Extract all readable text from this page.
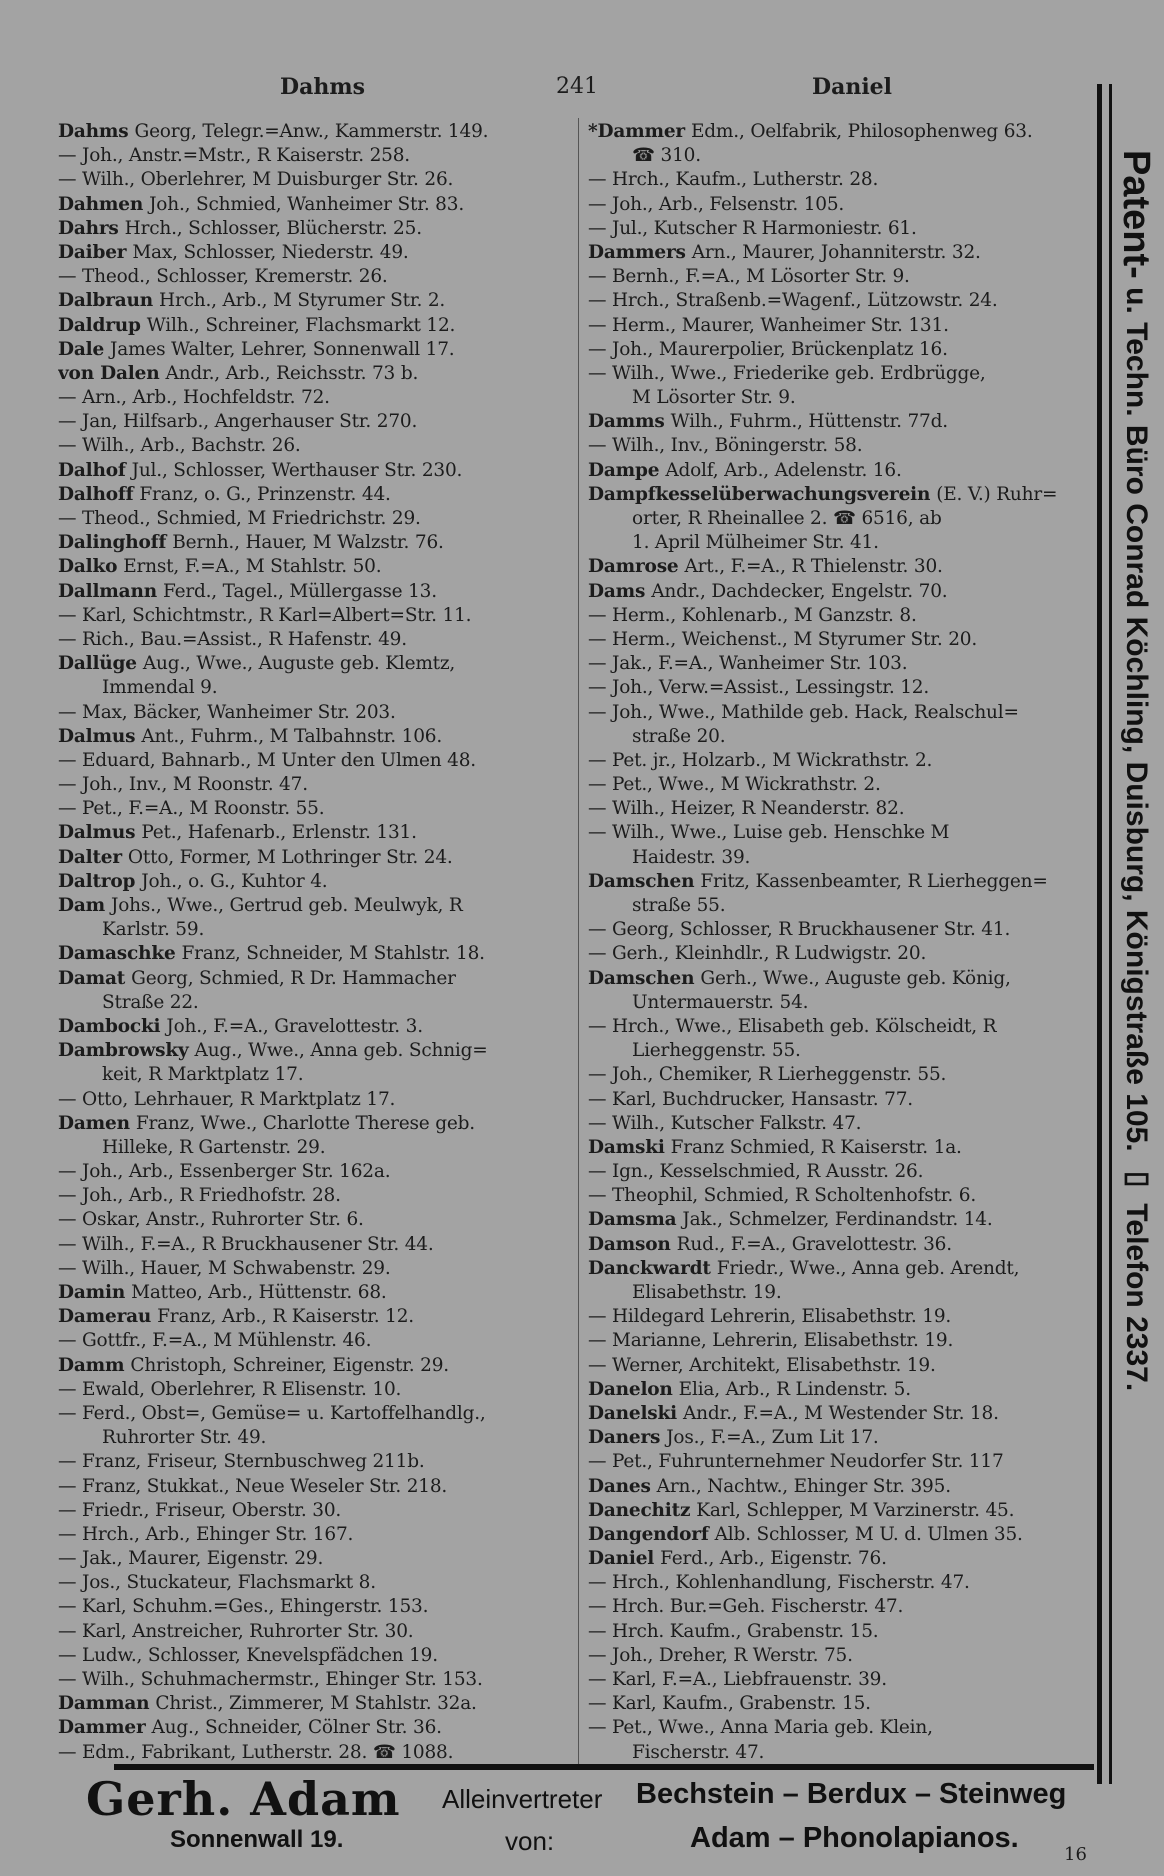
Dahms	241	Daniel
Dahms Georg, Telegr.=Anw., Kammerstr. 149.
— Joh., Anstr.=Mstr., R Kaiserstr. 258.
— Wilh., Oberlehrer, M Duisburger Str. 26.
Dahmen Joh., Schmied, Wanheimer Str. 83.
Dahrs Hrch., Schlosser, Blücherstr. 25.
Daiber Max, Schlosser, Niederstr. 49.
— Theod., Schlosser, Kremerstr. 26.
Dalbraun Hrch., Arb., M Styrumer Str. 2.
Daldrup Wilh., Schreiner, Flachsmarkt 12.
Dale James Walter, Lehrer, Sonnenwall 17.
von Dalen Andr., Arb., Reichsstr. 73 b.
— Arn., Arb., Hochfeldstr. 72.
— Jan, Hilfsarb., Angerhauser Str. 270.
— Wilh., Arb., Bachstr. 26.
Dalhof Jul., Schlosser, Werthauser Str. 230.
Dalhoff Franz, o. G., Prinzenstr. 44.
— Theod., Schmied, M Friedrichstr. 29.
Dalinghoff Bernh., Hauer, M Walzstr. 76.
Dalko Ernst, F.=A., M Stahlstr. 50.
Dallmann Ferd., Tagel., Müllergasse 13.
— Karl, Schichtmstr., R Karl=Albert=Str. 11.
— Rich., Bau.=Assist., R Hafenstr. 49.
Dallüge Aug., Wwe., Auguste geb. Klemtz,
Immendal 9.
— Max, Bäcker, Wanheimer Str. 203.
Dalmus Ant., Fuhrm., M Talbahnstr. 106.
— Eduard, Bahnarb., M Unter den Ulmen 48.
— Joh., Inv., M Roonstr. 47.
— Pet., F.=A., M Roonstr. 55.
Dalmus Pet., Hafenarb., Erlenstr. 131.
Dalter Otto, Former, M Lothringer Str. 24.
Daltrop Joh., o. G., Kuhtor 4.
Dam Johs., Wwe., Gertrud geb. Meulwyk, R
Karlstr. 59.
Damaschke Franz, Schneider, M Stahlstr. 18.
Damat Georg, Schmied, R Dr. Hammacher
Straße 22.
Dambocki Joh., F.=A., Gravelottestr. 3.
Dambrowsky Aug., Wwe., Anna geb. Schnig=
keit, R Marktplatz 17.
— Otto, Lehrhauer, R Marktplatz 17.
Damen Franz, Wwe., Charlotte Therese geb.
Hilleke, R Gartenstr. 29.
— Joh., Arb., Essenberger Str. 162a.
— Joh., Arb., R Friedhofstr. 28.
— Oskar, Anstr., Ruhrorter Str. 6.
— Wilh., F.=A., R Bruckhausener Str. 44.
— Wilh., Hauer, M Schwabenstr. 29.
Damin Matteo, Arb., Hüttenstr. 68.
Damerau Franz, Arb., R Kaiserstr. 12.
— Gottfr., F.=A., M Mühlenstr. 46.
Damm Christoph, Schreiner, Eigenstr. 29.
— Ewald, Oberlehrer, R Elisenstr. 10.
— Ferd., Obst=, Gemüse= u. Kartoffelhandlg.,
Ruhrorter Str. 49.
— Franz, Friseur, Sternbuschweg 211b.
— Franz, Stukkat., Neue Weseler Str. 218.
— Friedr., Friseur, Oberstr. 30.
— Hrch., Arb., Ehinger Str. 167.
— Jak., Maurer, Eigenstr. 29.
— Jos., Stuckateur, Flachsmarkt 8.
— Karl, Schuhm.=Ges., Ehingerstr. 153.
— Karl, Anstreicher, Ruhrorter Str. 30.
— Ludw., Schlosser, Knevelspfädchen 19.
— Wilh., Schuhmachermstr., Ehinger Str. 153.
Damman Christ., Zimmerer, M Stahlstr. 32a.
Dammer Aug., Schneider, Cölner Str. 36.
— Edm., Fabrikant, Lutherstr. 28. ☎ 1088.
*Dammer Edm., Oelfabrik, Philosophenweg 63.
☎ 310.
— Hrch., Kaufm., Lutherstr. 28.
— Joh., Arb., Felsenstr. 105.
— Jul., Kutscher R Harmoniestr. 61.
Dammers Arn., Maurer, Johanniterstr. 32.
— Bernh., F.=A., M Lösorter Str. 9.
— Hrch., Straßenb.=Wagenf., Lützowstr. 24.
— Herm., Maurer, Wanheimer Str. 131.
— Joh., Maurerpolier, Brückenplatz 16.
— Wilh., Wwe., Friederike geb. Erdbrügge,
M Lösorter Str. 9.
Damms Wilh., Fuhrm., Hüttenstr. 77d.
— Wilh., Inv., Böningerstr. 58.
Dampe Adolf, Arb., Adelenstr. 16.
Dampfkesselüberwachungsverein (E. V.) Ruhr=
orter, R Rheinallee 2. ☎ 6516, ab
1. April Mülheimer Str. 41.
Damrose Art., F.=A., R Thielenstr. 30.
Dams Andr., Dachdecker, Engelstr. 70.
— Herm., Kohlenarb., M Ganzstr. 8.
— Herm., Weichenst., M Styrumer Str. 20.
— Jak., F.=A., Wanheimer Str. 103.
— Joh., Verw.=Assist., Lessingstr. 12.
— Joh., Wwe., Mathilde geb. Hack, Realschul=
straße 20.
— Pet. jr., Holzarb., M Wickrathstr. 2.
— Pet., Wwe., M Wickrathstr. 2.
— Wilh., Heizer, R Neanderstr. 82.
— Wilh., Wwe., Luise geb. Henschke M
Haidestr. 39.
Damschen Fritz, Kassenbeamter, R Lierheggen=
straße 55.
— Georg, Schlosser, R Bruckhausener Str. 41.
— Gerh., Kleinhdlr., R Ludwigstr. 20.
Damschen Gerh., Wwe., Auguste geb. König,
Untermauerstr. 54.
— Hrch., Wwe., Elisabeth geb. Kölscheidt, R
Lierheggenstr. 55.
— Joh., Chemiker, R Lierheggenstr. 55.
— Karl, Buchdrucker, Hansastr. 77.
— Wilh., Kutscher Falkstr. 47.
Damski Franz Schmied, R Kaiserstr. 1a.
— Ign., Kesselschmied, R Ausstr. 26.
— Theophil, Schmied, R Scholtenhofstr. 6.
Damsma Jak., Schmelzer, Ferdinandstr. 14.
Damson Rud., F.=A., Gravelottestr. 36.
Danckwardt Friedr., Wwe., Anna geb. Arendt,
Elisabethstr. 19.
— Hildegard Lehrerin, Elisabethstr. 19.
— Marianne, Lehrerin, Elisabethstr. 19.
— Werner, Architekt, Elisabethstr. 19.
Danelon Elia, Arb., R Lindenstr. 5.
Danelski Andr., F.=A., M Westender Str. 18.
Daners Jos., F.=A., Zum Lit 17.
— Pet., Fuhrunternehmer Neudorfer Str. 117
Danes Arn., Nachtw., Ehinger Str. 395.
Danechitz Karl, Schlepper, M Varzinerstr. 45.
Dangendorf Alb. Schlosser, M U. d. Ulmen 35.
Daniel Ferd., Arb., Eigenstr. 76.
— Hrch., Kohlenhandlung, Fischerstr. 47.
— Hrch. Bur.=Geh. Fischerstr. 47.
— Hrch. Kaufm., Grabenstr. 15.
— Joh., Dreher, R Werstr. 75.
— Karl, F.=A., Liebfrauenstr. 39.
— Karl, Kaufm., Grabenstr. 15.
— Pet., Wwe., Anna Maria geb. Klein,
Fischerstr. 47.
Patent- u. Techn. Büro Conrad Köchling, Duisburg, Königstraße 105. ▭ Telefon 2337.
Gerh. Adam
Sonnenwall 19.
Alleinvertreter
von:
Bechstein – Berdux – Steinweg
Adam – Phonolapianos.
16
